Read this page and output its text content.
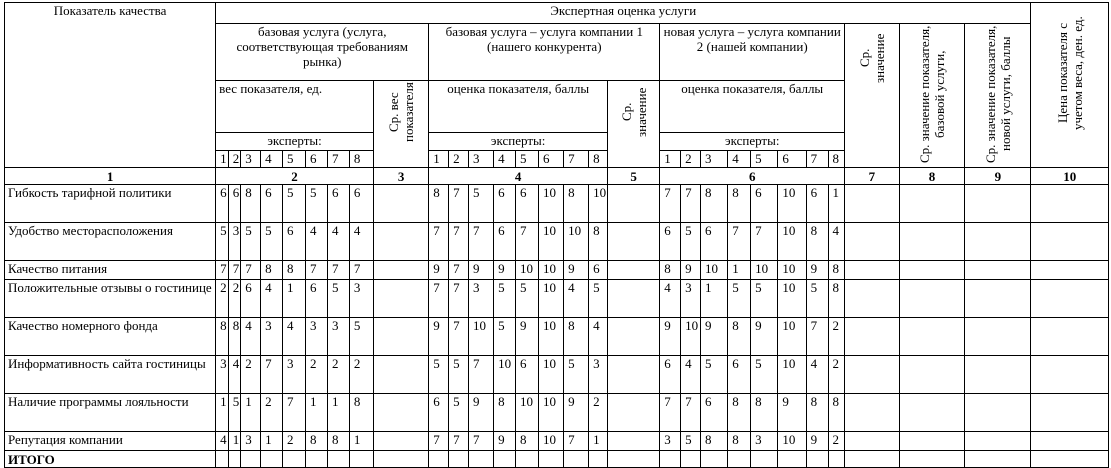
Показатель качества	Экспертная оценка услуги																													Цена показателя с учетом веса, ден. ед.
	базовая услуга (услуга, соответствующая требованиям рынка)									базовая услуга – услуга компании 1 (нашего конкурента)									новая услуга – услуга компании 2 (нашей компании)								Ср. значение	Ср. значение показателя, базовой услуги,	Ср. значение показателя, новой услуги, баллы	
	вес показателя, ед.								Ср. вес показателя	оценка показателя, баллы								Ср. значение	оценка показателя, баллы											
	эксперты:									эксперты:									эксперты:											
	1	2	3	4	5	6	7	8		1	2	3	4	5	6	7	8		1	2	3	4	5	6	7	8				
1	2								3	4								5	6								7	8	9	10
Гибкость тарифной политики	6	6	8	6	5	5	6	6		8	7	5	6	6	10	8	10		7	7	8	8	6	10	6	1				
Удобство месторасположения	5	3	5	5	6	4	4	4		7	7	7	6	7	10	10	8		6	5	6	7	7	10	8	4				
Качество питания	7	7	7	8	8	7	7	7		9	7	9	9	10	10	9	6		8	9	10	1	10	10	9	8				
Положительные отзывы о гостинице	2	2	6	4	1	6	5	3		7	7	3	5	5	10	4	5		4	3	1	5	5	10	5	8				
Качество номерного фонда	8	8	4	3	4	3	3	5		9	7	10	5	9	10	8	4		9	10	9	8	9	10	7	2				
Информативность сайта гостиницы	3	4	2	7	3	2	2	2		5	5	7	10	6	10	5	3		6	4	5	6	5	10	4	2				
Наличие программы лояльности	1	5	1	2	7	1	1	8		6	5	9	8	10	10	9	2		7	7	6	8	8	9	8	8				
Репутация компании	4	1	3	1	2	8	8	1		7	7	7	9	8	10	7	1		3	5	8	8	3	10	9	2				
ИТОГО																														
